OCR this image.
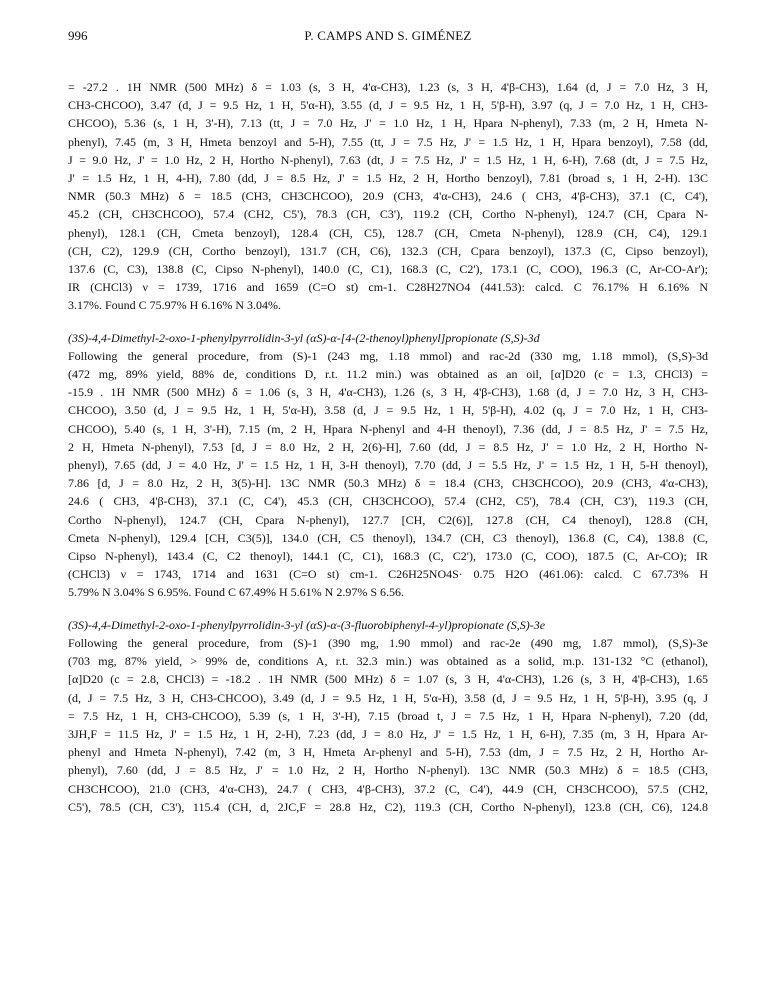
996	P. CAMPS AND S. GIMÉNEZ
= -27.2 . 1H NMR (500 MHz) δ = 1.03 (s, 3 H, 4'α-CH3), 1.23 (s, 3 H, 4'β-CH3), 1.64 (d, J = 7.0 Hz, 3 H,
CH3-CHCOO), 3.47 (d, J = 9.5 Hz, 1 H, 5'α-H), 3.55 (d, J = 9.5 Hz, 1 H, 5'β-H), 3.97 (q, J = 7.0 Hz, 1 H, CH3-
CHCOO), 5.36 (s, 1 H, 3'-H), 7.13 (tt, J = 7.0 Hz, J' = 1.0 Hz, 1 H, Hpara N-phenyl), 7.33 (m, 2 H, Hmeta N-
phenyl), 7.45 (m, 3 H, Hmeta benzoyl and 5-H), 7.55 (tt, J = 7.5 Hz, J' = 1.5 Hz, 1 H, Hpara benzoyl), 7.58 (dd,
J = 9.0 Hz, J' = 1.0 Hz, 2 H, Hortho N-phenyl), 7.63 (dt, J = 7.5 Hz, J' = 1.5 Hz, 1 H, 6-H), 7.68 (dt, J = 7.5 Hz,
J' = 1.5 Hz, 1 H, 4-H), 7.80 (dd, J = 8.5 Hz, J' = 1.5 Hz, 2 H, Hortho benzoyl), 7.81 (broad s, 1 H, 2-H). 13C
NMR (50.3 MHz) δ = 18.5 (CH3, CH3CHCOO), 20.9 (CH3, 4'α-CH3), 24.6 ( CH3, 4'β-CH3), 37.1 (C, C4'),
45.2 (CH, CH3CHCOO), 57.4 (CH2, C5'), 78.3 (CH, C3'), 119.2 (CH, Cortho N-phenyl), 124.7 (CH, Cpara N-
phenyl), 128.1 (CH, Cmeta benzoyl), 128.4 (CH, C5), 128.7 (CH, Cmeta N-phenyl), 128.9 (CH, C4), 129.1
(CH, C2), 129.9 (CH, Cortho benzoyl), 131.7 (CH, C6), 132.3 (CH, Cpara benzoyl), 137.3 (C, Cipso benzoyl),
137.6 (C, C3), 138.8 (C, Cipso N-phenyl), 140.0 (C, C1), 168.3 (C, C2'), 173.1 (C, COO), 196.3 (C, Ar-CO-Ar');
IR (CHCl3) ν = 1739, 1716 and 1659 (C=O st) cm-1. C28H27NO4 (441.53): calcd. C 76.17% H 6.16% N
3.17%. Found C 75.97% H 6.16% N 3.04%.
(3S)-4,4-Dimethyl-2-oxo-1-phenylpyrrolidin-3-yl (αS)-α-[4-(2-thenoyl)phenyl]propionate (S,S)-3d
Following the general procedure, from (S)-1 (243 mg, 1.18 mmol) and rac-2d (330 mg, 1.18 mmol), (S,S)-3d
(472 mg, 89% yield, 88% de, conditions D, r.t. 11.2 min.) was obtained as an oil, [α]D20 (c = 1.3, CHCl3) =
-15.9 . 1H NMR (500 MHz) δ = 1.06 (s, 3 H, 4'α-CH3), 1.26 (s, 3 H, 4'β-CH3), 1.68 (d, J = 7.0 Hz, 3 H, CH3-
CHCOO), 3.50 (d, J = 9.5 Hz, 1 H, 5'α-H), 3.58 (d, J = 9.5 Hz, 1 H, 5'β-H), 4.02 (q, J = 7.0 Hz, 1 H, CH3-
CHCOO), 5.40 (s, 1 H, 3'-H), 7.15 (m, 2 H, Hpara N-phenyl and 4-H thenoyl), 7.36 (dd, J = 8.5 Hz, J' = 7.5 Hz,
2 H, Hmeta N-phenyl), 7.53 [d, J = 8.0 Hz, 2 H, 2(6)-H], 7.60 (dd, J = 8.5 Hz, J' = 1.0 Hz, 2 H, Hortho N-
phenyl), 7.65 (dd, J = 4.0 Hz, J' = 1.5 Hz, 1 H, 3-H thenoyl), 7.70 (dd, J = 5.5 Hz, J' = 1.5 Hz, 1 H, 5-H thenoyl),
7.86 [d, J = 8.0 Hz, 2 H, 3(5)-H]. 13C NMR (50.3 MHz) δ = 18.4 (CH3, CH3CHCOO), 20.9 (CH3, 4'α-CH3),
24.6 ( CH3, 4'β-CH3), 37.1 (C, C4'), 45.3 (CH, CH3CHCOO), 57.4 (CH2, C5'), 78.4 (CH, C3'), 119.3 (CH,
Cortho N-phenyl), 124.7 (CH, Cpara N-phenyl), 127.7 [CH, C2(6)], 127.8 (CH, C4 thenoyl), 128.8 (CH,
Cmeta N-phenyl), 129.4 [CH, C3(5)], 134.0 (CH, C5 thenoyl), 134.7 (CH, C3 thenoyl), 136.8 (C, C4), 138.8 (C,
Cipso N-phenyl), 143.4 (C, C2 thenoyl), 144.1 (C, C1), 168.3 (C, C2'), 173.0 (C, COO), 187.5 (C, Ar-CO); IR
(CHCl3) ν = 1743, 1714 and 1631 (C=O st) cm-1. C26H25NO4S· 0.75 H2O (461.06): calcd. C 67.73% H
5.79% N 3.04% S 6.95%. Found C 67.49% H 5.61% N 2.97% S 6.56.
(3S)-4,4-Dimethyl-2-oxo-1-phenylpyrrolidin-3-yl (αS)-α-(3-fluorobiphenyl-4-yl)propionate (S,S)-3e
Following the general procedure, from (S)-1 (390 mg, 1.90 mmol) and rac-2e (490 mg, 1.87 mmol), (S,S)-3e
(703 mg, 87% yield, > 99% de, conditions A, r.t. 32.3 min.) was obtained as a solid, m.p. 131-132 °C (ethanol),
[α]D20 (c = 2.8, CHCl3) = -18.2 . 1H NMR (500 MHz) δ = 1.07 (s, 3 H, 4'α-CH3), 1.26 (s, 3 H, 4'β-CH3), 1.65
(d, J = 7.5 Hz, 3 H, CH3-CHCOO), 3.49 (d, J = 9.5 Hz, 1 H, 5'α-H), 3.58 (d, J = 9.5 Hz, 1 H, 5'β-H), 3.95 (q, J
= 7.5 Hz, 1 H, CH3-CHCOO), 5.39 (s, 1 H, 3'-H), 7.15 (broad t, J = 7.5 Hz, 1 H, Hpara N-phenyl), 7.20 (dd,
3JH,F = 11.5 Hz, J' = 1.5 Hz, 1 H, 2-H), 7.23 (dd, J = 8.0 Hz, J' = 1.5 Hz, 1 H, 6-H), 7.35 (m, 3 H, Hpara Ar-
phenyl and Hmeta N-phenyl), 7.42 (m, 3 H, Hmeta Ar-phenyl and 5-H), 7.53 (dm, J = 7.5 Hz, 2 H, Hortho Ar-
phenyl), 7.60 (dd, J = 8.5 Hz, J' = 1.0 Hz, 2 H, Hortho N-phenyl). 13C NMR (50.3 MHz) δ = 18.5 (CH3,
CH3CHCOO), 21.0 (CH3, 4'α-CH3), 24.7 ( CH3, 4'β-CH3), 37.2 (C, C4'), 44.9 (CH, CH3CHCOO), 57.5 (CH2,
C5'), 78.5 (CH, C3'), 115.4 (CH, d, 2JC,F = 28.8 Hz, C2), 119.3 (CH, Cortho N-phenyl), 123.8 (CH, C6), 124.8
